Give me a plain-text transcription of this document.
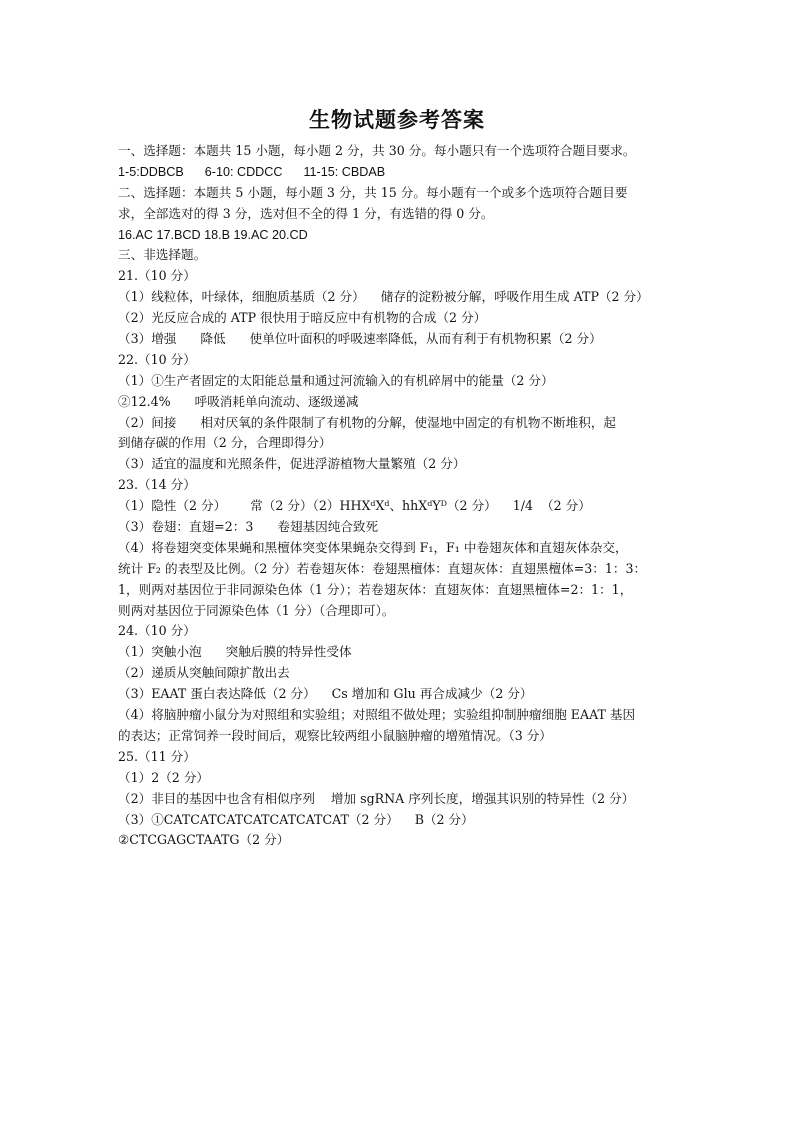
生物试题参考答案
一、选择题：本题共 15 小题，每小题 2 分，共 30 分。每小题只有一个选项符合题目要求。
1-5:DDBCB      6-10: CDDCC      11-15: CBDAB
二、选择题：本题共 5 小题，每小题 3 分，共 15 分。每小题有一个或多个选项符合题目要
求，全部选对的得 3 分，选对但不全的得 1 分，有选错的得 0 分。
16.AC 17.BCD 18.B 19.AC 20.CD
三、非选择题。
21.（10 分）
（1）线粒体，叶绿体，细胞质基质（2 分）    储存的淀粉被分解，呼吸作用生成 ATP（2 分）
（2）光反应合成的 ATP 很快用于暗反应中有机物的合成（2 分）
（3）增强      降低      使单位叶面积的呼吸速率降低，从而有利于有机物积累（2 分）
22.（10 分）
（1）①生产者固定的太阳能总量和通过河流输入的有机碎屑中的能量（2 分）
②12.4%      呼吸消耗单向流动、逐级递减
（2）间接      相对厌氧的条件限制了有机物的分解，使湿地中固定的有机物不断堆积，起
到储存碳的作用（2 分，合理即得分）
（3）适宜的温度和光照条件，促进浮游植物大量繁殖（2 分）
23.（14 分）
（1）隐性（2 分）      常（2 分）（2）HHXᵈXᵈ、hhXᵈYᴰ（2 分）    1/4  （2 分）
（3）卷翅：直翅=2：3      卷翅基因纯合致死
（4）将卷翅突变体果蝇和黑檀体突变体果蝇杂交得到 F₁，F₁ 中卷翅灰体和直翅灰体杂交，
统计 F₂ 的表型及比例。（2 分）若卷翅灰体：卷翅黑檀体：直翅灰体：直翅黑檀体=3：1：3：
1，则两对基因位于非同源染色体（1 分）；若卷翅灰体：直翅灰体：直翅黑檀体=2：1：1，
则两对基因位于同源染色体（1 分）（合理即可）。
24.（10 分）
（1）突触小泡      突触后膜的特异性受体
（2）递质从突触间隙扩散出去
（3）EAAT 蛋白表达降低（2 分）    Cs 增加和 Glu 再合成减少（2 分）
（4）将脑肿瘤小鼠分为对照组和实验组；对照组不做处理；实验组抑制肿瘤细胞 EAAT 基因
的表达；正常饲养一段时间后，观察比较两组小鼠脑肿瘤的增殖情况。（3 分）
25.（11 分）
（1）2（2 分）
（2）非目的基因中也含有相似序列    增加 sgRNA 序列长度，增强其识别的特异性（2 分）
（3）①CATCATCATCATCATCATCAT（2 分）    B（2 分）
②CTCGAGCTAATG（2 分）
